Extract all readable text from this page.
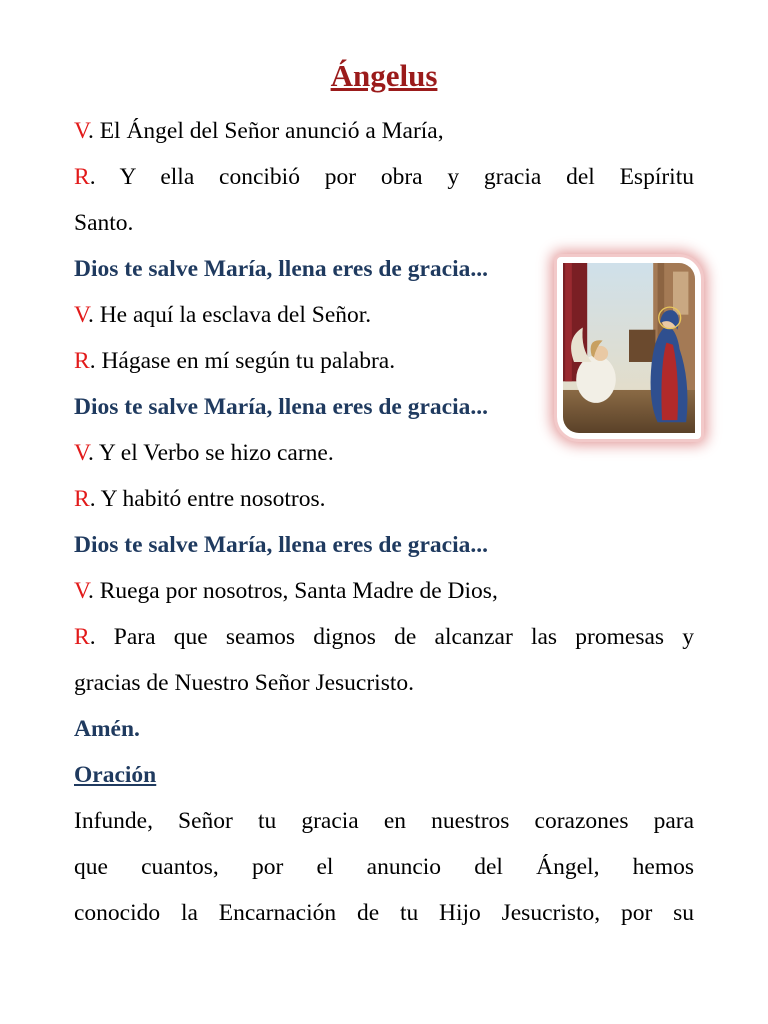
Ángelus
V. El Ángel del Señor anunció a María,
R. Y ella concibió por obra y gracia del Espíritu
Santo.
Dios te salve María, llena eres de gracia...
V. He aquí la esclava del Señor.
R. Hágase en mí según tu palabra.
Dios te salve María, llena eres de gracia...
V. Y el Verbo se hizo carne.
R. Y habitó entre nosotros.
Dios te salve María, llena eres de gracia...
V. Ruega por nosotros, Santa Madre de Dios,
R. Para que seamos dignos de alcanzar las promesas y
gracias de Nuestro Señor Jesucristo.
Amén.
Oración
Infunde, Señor tu gracia en nuestros corazones para
que cuantos, por el anuncio del Ángel, hemos
conocido la Encarnación de tu Hijo Jesucristo, por su
